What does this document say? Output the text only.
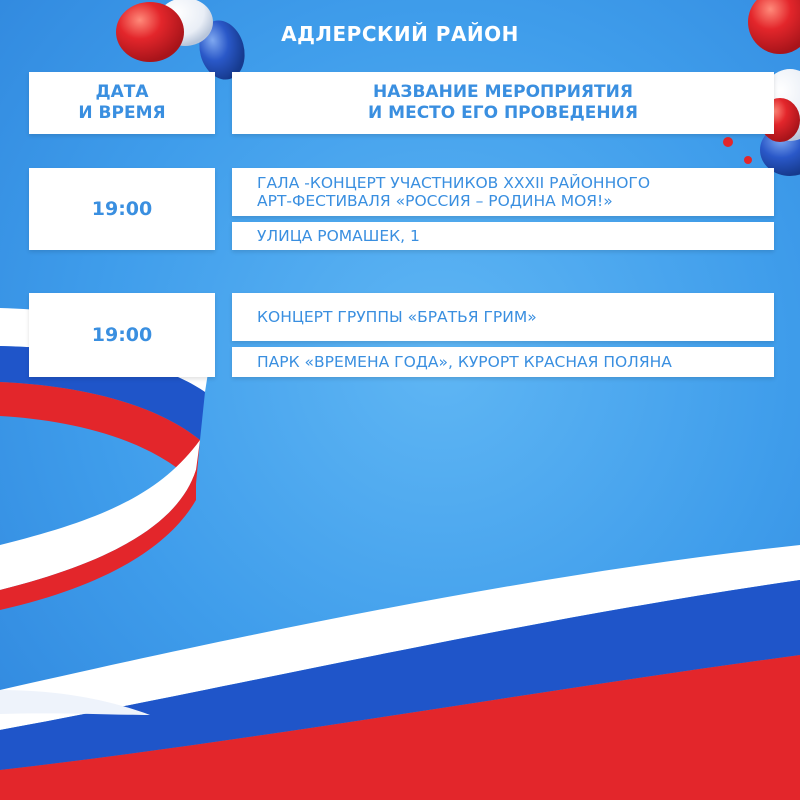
АДЛЕРСКИЙ РАЙОН
ДАТА
И ВРЕМЯ
НАЗВАНИЕ МЕРОПРИЯТИЯ
И МЕСТО ЕГО ПРОВЕДЕНИЯ
19:00
ГАЛА -КОНЦЕРТ УЧАСТНИКОВ XXXII РАЙОННОГО
АРТ-ФЕСТИВАЛЯ «РОССИЯ – РОДИНА МОЯ!»
УЛИЦА РОМАШЕК, 1
19:00
КОНЦЕРТ ГРУППЫ «БРАТЬЯ ГРИМ»
ПАРК «ВРЕМЕНА ГОДА», КУРОРТ КРАСНАЯ ПОЛЯНА
